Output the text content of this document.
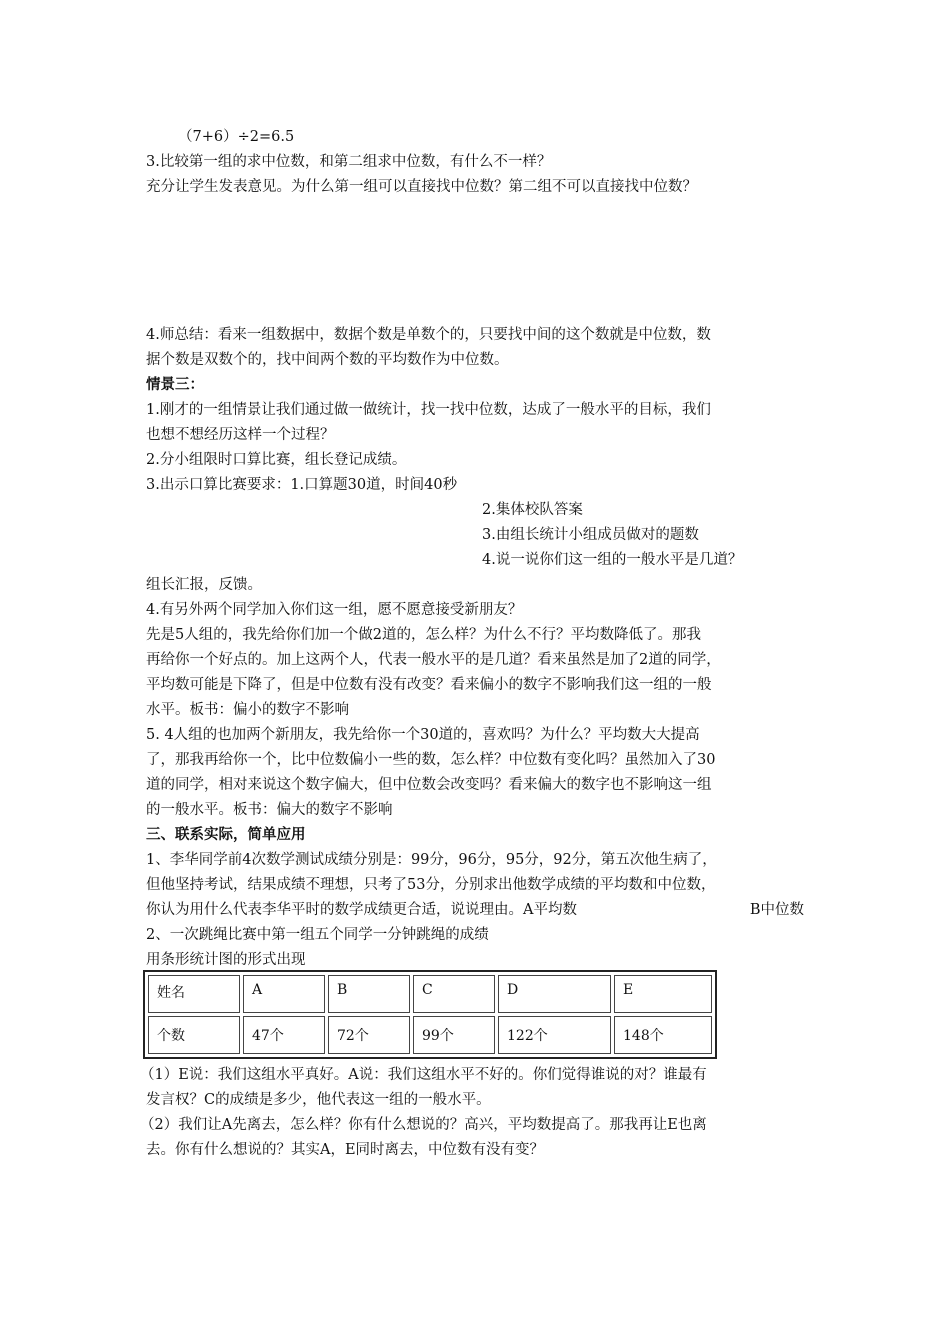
（7+6）÷2=6.5
3.比较第一组的求中位数，和第二组求中位数，有什么不一样？
充分让学生发表意见。为什么第一组可以直接找中位数？第二组不可以直接找中位数？
4.师总结：看来一组数据中，数据个数是单数个的，只要找中间的这个数就是中位数，数
据个数是双数个的，找中间两个数的平均数作为中位数。
情景三：
1.刚才的一组情景让我们通过做一做统计，找一找中位数，达成了一般水平的目标，我们
也想不想经历这样一个过程？
2.分小组限时口算比赛，组长登记成绩。
3.出示口算比赛要求：1.口算题30道，时间40秒
2.集体校队答案
3.由组长统计小组成员做对的题数
4.说一说你们这一组的一般水平是几道？
组长汇报，反馈。
4.有另外两个同学加入你们这一组，愿不愿意接受新朋友？
先是5人组的，我先给你们加一个做2道的，怎么样？为什么不行？平均数降低了。那我
再给你一个好点的。加上这两个人，代表一般水平的是几道？看来虽然是加了2道的同学，
平均数可能是下降了，但是中位数有没有改变？看来偏小的数字不影响我们这一组的一般
水平。板书：偏小的数字不影响
5. 4人组的也加两个新朋友，我先给你一个30道的，喜欢吗？为什么？平均数大大提高
了，那我再给你一个，比中位数偏小一些的数，怎么样？中位数有变化吗？虽然加入了30
道的同学，相对来说这个数字偏大，但中位数会改变吗？看来偏大的数字也不影响这一组
的一般水平。板书：偏大的数字不影响
三、联系实际，简单应用
1、李华同学前4次数学测试成绩分别是：99分，96分，95分，92分，第五次他生病了，
但他坚持考试，结果成绩不理想，只考了53分，分别求出他数学成绩的平均数和中位数，
你认为用什么代表李华平时的数学成绩更合适，说说理由。A平均数	B中位数
2、一次跳绳比赛中第一组五个同学一分钟跳绳的成绩
用条形统计图的形式出现
姓名	A	B	C	D	E
个数	47个	72个	99个	122个	148个
（1）E说：我们这组水平真好。A说：我们这组水平不好的。你们觉得谁说的对？谁最有
发言权？C的成绩是多少，他代表这一组的一般水平。
（2）我们让A先离去，怎么样？你有什么想说的？高兴，平均数提高了。那我再让E也离
去。你有什么想说的？其实A，E同时离去，中位数有没有变？
